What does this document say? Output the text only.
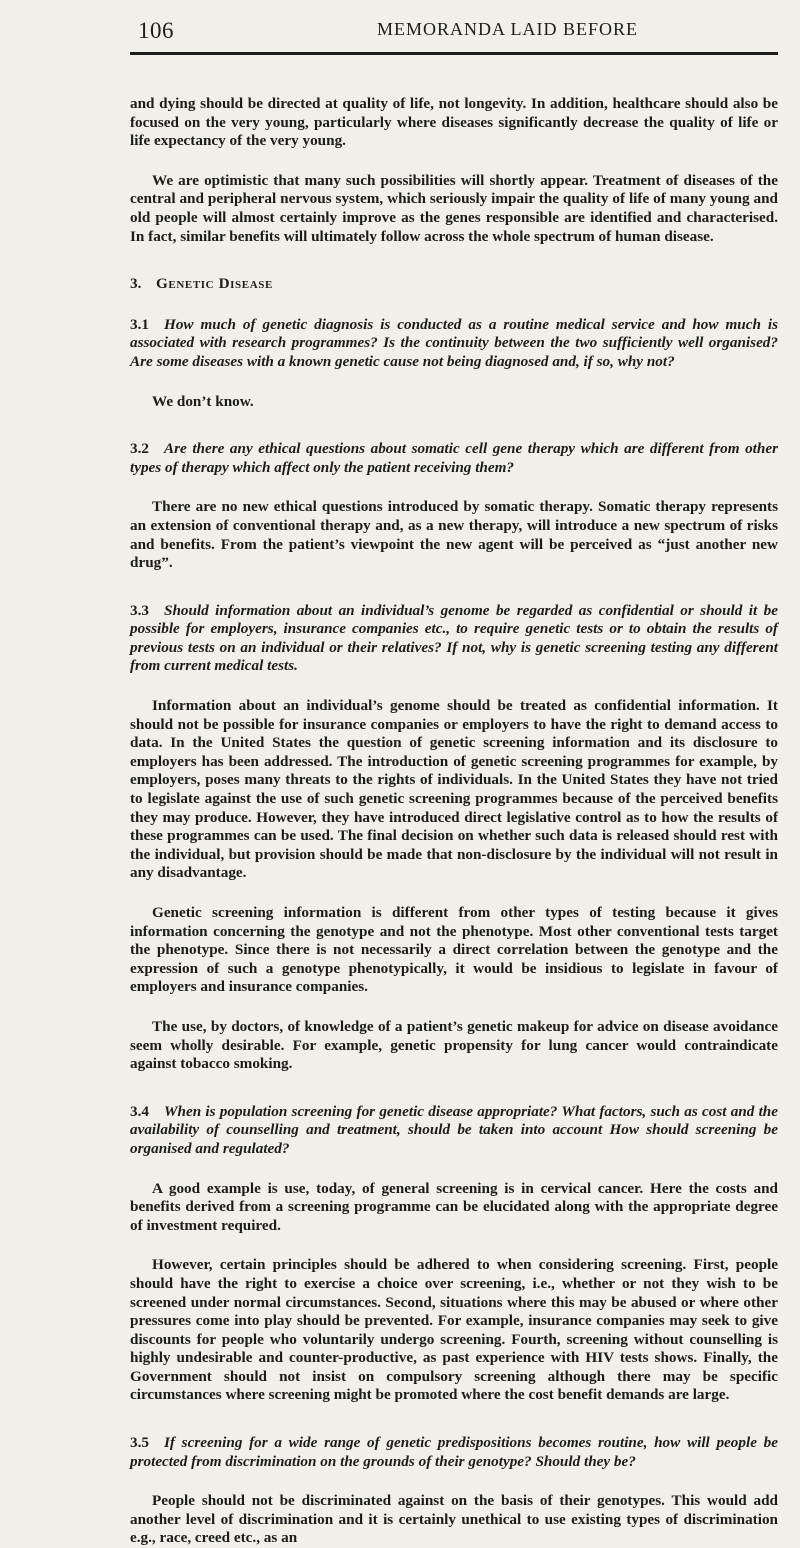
106	MEMORANDA LAID BEFORE

and dying should be directed at quality of life, not longevity. In addition, healthcare should also be focused on the very young, particularly where diseases significantly decrease the quality of life or life expectancy of the very young.

We are optimistic that many such possibilities will shortly appear. Treatment of diseases of the central and peripheral nervous system, which seriously impair the quality of life of many young and old people will almost certainly improve as the genes responsible are identified and characterised. In fact, similar benefits will ultimately follow across the whole spectrum of human disease.

3. Genetic Disease

3.1 How much of genetic diagnosis is conducted as a routine medical service and how much is associated with research programmes? Is the continuity between the two sufficiently well organised? Are some diseases with a known genetic cause not being diagnosed and, if so, why not?

We don’t know.

3.2 Are there any ethical questions about somatic cell gene therapy which are different from other types of therapy which affect only the patient receiving them?

There are no new ethical questions introduced by somatic therapy. Somatic therapy represents an extension of conventional therapy and, as a new therapy, will introduce a new spectrum of risks and benefits. From the patient’s viewpoint the new agent will be perceived as “just another new drug”.

3.3 Should information about an individual’s genome be regarded as confidential or should it be possible for employers, insurance companies etc., to require genetic tests or to obtain the results of previous tests on an individual or their relatives? If not, why is genetic screening testing any different from current medical tests.

Information about an individual’s genome should be treated as confidential information. It should not be possible for insurance companies or employers to have the right to demand access to data. In the United States the question of genetic screening information and its disclosure to employers has been addressed. The introduction of genetic screening programmes for example, by employers, poses many threats to the rights of individuals. In the United States they have not tried to legislate against the use of such genetic screening programmes because of the perceived benefits they may produce. However, they have introduced direct legislative control as to how the results of these programmes can be used. The final decision on whether such data is released should rest with the individual, but provision should be made that non-disclosure by the individual will not result in any disadvantage.

Genetic screening information is different from other types of testing because it gives information concerning the genotype and not the phenotype. Most other conventional tests target the phenotype. Since there is not necessarily a direct correlation between the genotype and the expression of such a genotype phenotypically, it would be insidious to legislate in favour of employers and insurance companies.

The use, by doctors, of knowledge of a patient’s genetic makeup for advice on disease avoidance seem wholly desirable. For example, genetic propensity for lung cancer would contraindicate against tobacco smoking.

3.4 When is population screening for genetic disease appropriate? What factors, such as cost and the availability of counselling and treatment, should be taken into account How should screening be organised and regulated?

A good example is use, today, of general screening is in cervical cancer. Here the costs and benefits derived from a screening programme can be elucidated along with the appropriate degree of investment required.

However, certain principles should be adhered to when considering screening. First, people should have the right to exercise a choice over screening, i.e., whether or not they wish to be screened under normal circumstances. Second, situations where this may be abused or where other pressures come into play should be prevented. For example, insurance companies may seek to give discounts for people who voluntarily undergo screening. Fourth, screening without counselling is highly undesirable and counter-productive, as past experience with HIV tests shows. Finally, the Government should not insist on compulsory screening although there may be specific circumstances where screening might be promoted where the cost benefit demands are large.

3.5 If screening for a wide range of genetic predispositions becomes routine, how will people be protected from discrimination on the grounds of their genotype? Should they be?

People should not be discriminated against on the basis of their genotypes. This would add another level of discrimination and it is certainly unethical to use existing types of discrimination e.g., race, creed etc., as an
